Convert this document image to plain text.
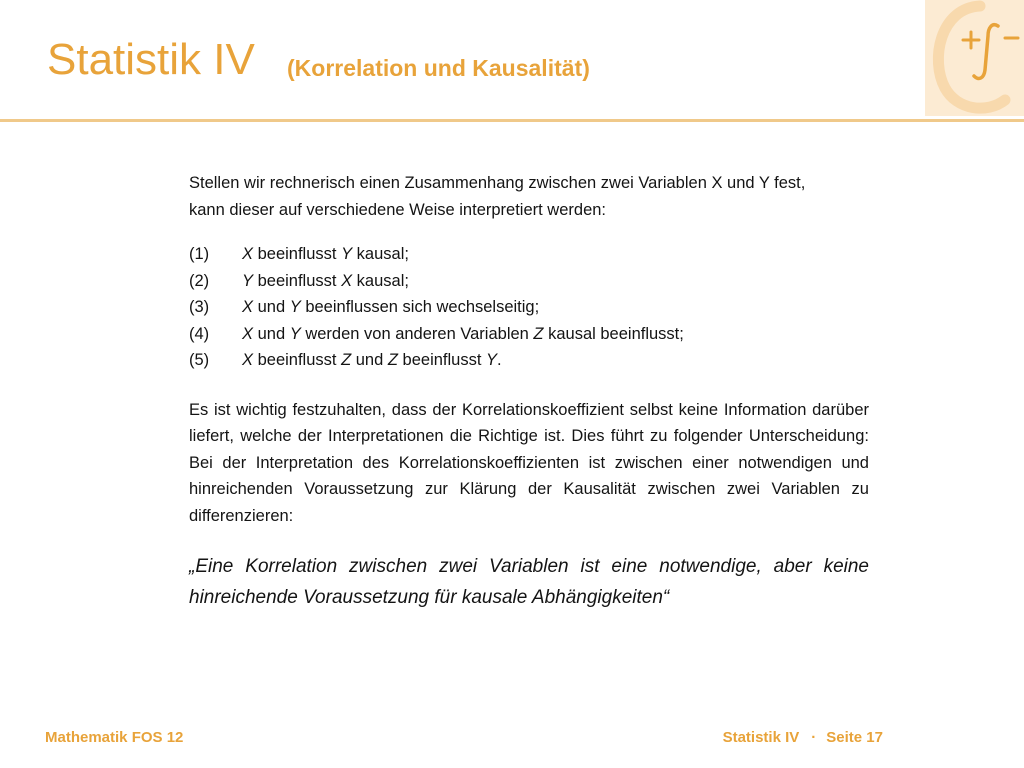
Statistik IV (Korrelation und Kausalität)

Stellen wir rechnerisch einen Zusammenhang zwischen zwei Variablen X und Y fest,

kann dieser auf verschiedene Weise interpretiert werden:

(1)	X beeinflusst Y kausal;
(2)	Y beeinflusst X kausal;
(3)	X und Y beeinflussen sich wechselseitig;
(4)	X und Y werden von anderen Variablen Z kausal beeinflusst;
(5)	X beeinflusst Z und Z beeinflusst Y.
Es ist wichtig festzuhalten, dass der Korrelationskoeffizient selbst keine Information darüber liefert, welche der Interpretationen die Richtige ist. Dies führt zu folgender Unterscheidung: Bei der Interpretation des Korrelationskoeffizienten ist zwischen einer notwendigen und hinreichenden Voraussetzung zur Klärung der Kausalität zwischen zwei Variablen zu differenzieren:
„Eine Korrelation zwischen zwei Variablen ist eine notwendige, aber keine hinreichende Voraussetzung für kausale Abhängigkeiten“
Mathematik FOS 12	Statistik IV · Seite 17
